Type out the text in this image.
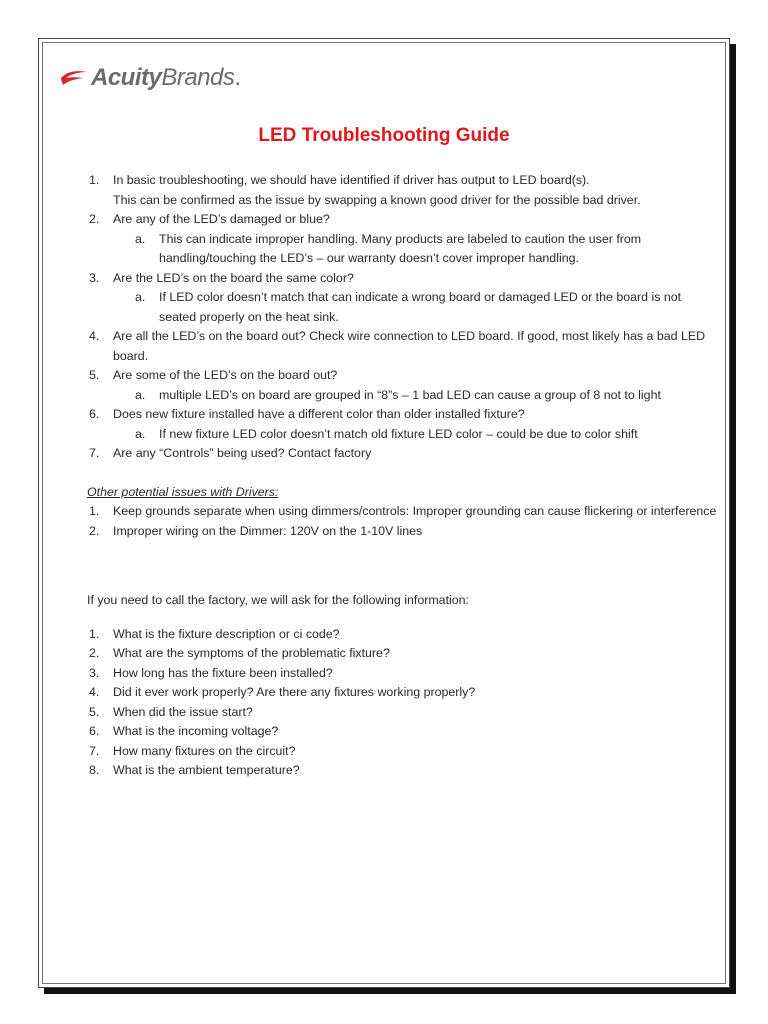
AcuityBrands.
LED Troubleshooting Guide
1. In basic troubleshooting, we should have identified if driver has output to LED board(s).
This can be confirmed as the issue by swapping a known good driver for the possible bad driver.
2. Are any of the LED’s damaged or blue?
a. This can indicate improper handling. Many products are labeled to caution the user from handling/touching the LED’s – our warranty doesn’t cover improper handling.
3. Are the LED’s on the board the same color?
a. If LED color doesn’t match that can indicate a wrong board or damaged LED or the board is not seated properly on the heat sink.
4. Are all the LED’s on the board out? Check wire connection to LED board. If good, most likely has a bad LED board.
5. Are some of the LED’s on the board out?
a. multiple LED’s on board are grouped in “8”s – 1 bad LED can cause a group of 8 not to light
6. Does new fixture installed have a different color than older installed fixture?
a. If new fixture LED color doesn’t match old fixture LED color – could be due to color shift
7. Are any “Controls” being used? Contact factory
Other potential issues with Drivers:
1. Keep grounds separate when using dimmers/controls: Improper grounding can cause flickering or interference
2. Improper wiring on the Dimmer: 120V on the 1-10V lines
If you need to call the factory, we will ask for the following information:
1. What is the fixture description or ci code?
2. What are the symptoms of the problematic fixture?
3. How long has the fixture been installed?
4. Did it ever work properly? Are there any fixtures working properly?
5. When did the issue start?
6. What is the incoming voltage?
7. How many fixtures on the circuit?
8. What is the ambient temperature?
